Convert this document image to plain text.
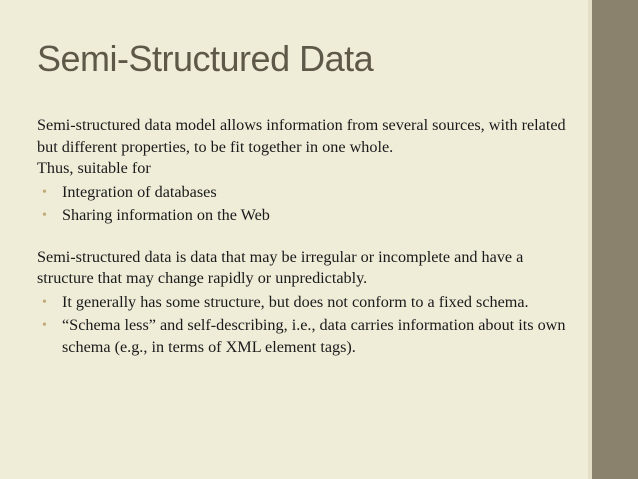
Semi-Structured Data

Semi-structured data model allows information from several sources, with related but different properties, to be fit together in one whole.

Thus, suitable for

• Integration of databases
• Sharing information on the Web

Semi-structured data is data that may be irregular or incomplete and have a structure that may change rapidly or unpredictably.

• It generally has some structure, but does not conform to a fixed schema.
• “Schema less” and self-describing, i.e., data carries information about its own schema (e.g., in terms of XML element tags).
